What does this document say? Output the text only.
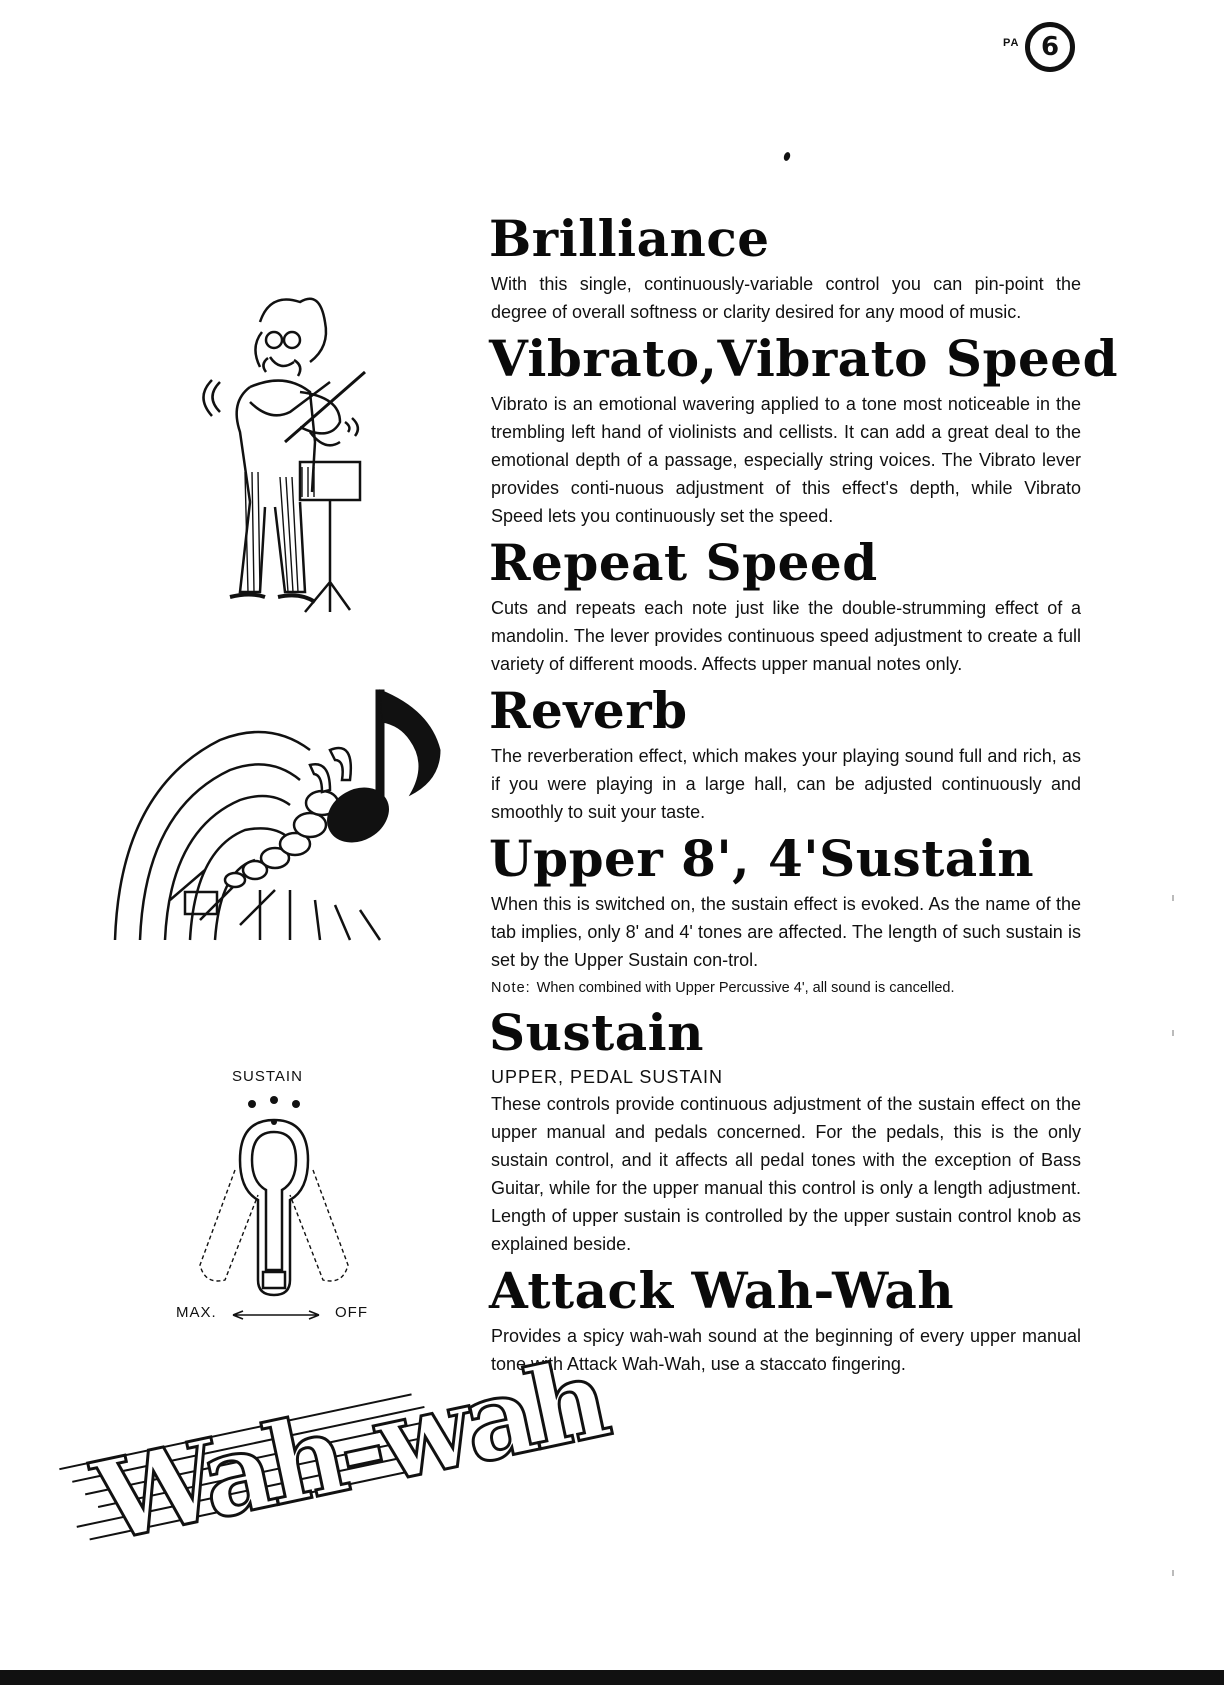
PA 6
Brilliance

With this single, continuously-variable control you can pin-point the degree of overall softness or clarity desired for any mood of music.

Vibrato,Vibrato Speed

Vibrato is an emotional wavering applied to a tone most noticeable in the trembling left hand of violinists and cellists. It can add a great deal to the emotional depth of a passage, especially string voices. The Vibrato lever provides conti-nuous adjustment of this effect's depth, while Vibrato Speed lets you continuously set the speed.

Repeat Speed

Cuts and repeats each note just like the double-strumming effect of a mandolin. The lever provides continuous speed adjustment to create a full variety of different moods. Affects upper manual notes only.

Reverb

The reverberation effect, which makes your playing sound full and rich, as if you were playing in a large hall, can be adjusted continuously and smoothly to suit your taste.

Upper 8', 4'Sustain

When this is switched on, the sustain effect is evoked. As the name of the tab implies, only 8' and 4' tones are affected. The length of such sustain is set by the Upper Sustain con-trol.

Note: When combined with Upper Percussive 4', all sound is cancelled.

Sustain

UPPER, PEDAL SUSTAIN

These controls provide continuous adjustment of the sustain effect on the upper manual and pedals concerned. For the pedals, this is the only sustain control, and it affects all pedal tones with the exception of Bass Guitar, while for the upper manual this control is only a length adjustment. Length of upper sustain is controlled by the upper sustain control knob as explained beside.

Attack Wah-Wah

Provides a spicy wah-wah sound at the beginning of every upper manual tone with Attack Wah-Wah, use a staccato fingering.

SUSTAIN
MAX.	OFF
Wah-wah
